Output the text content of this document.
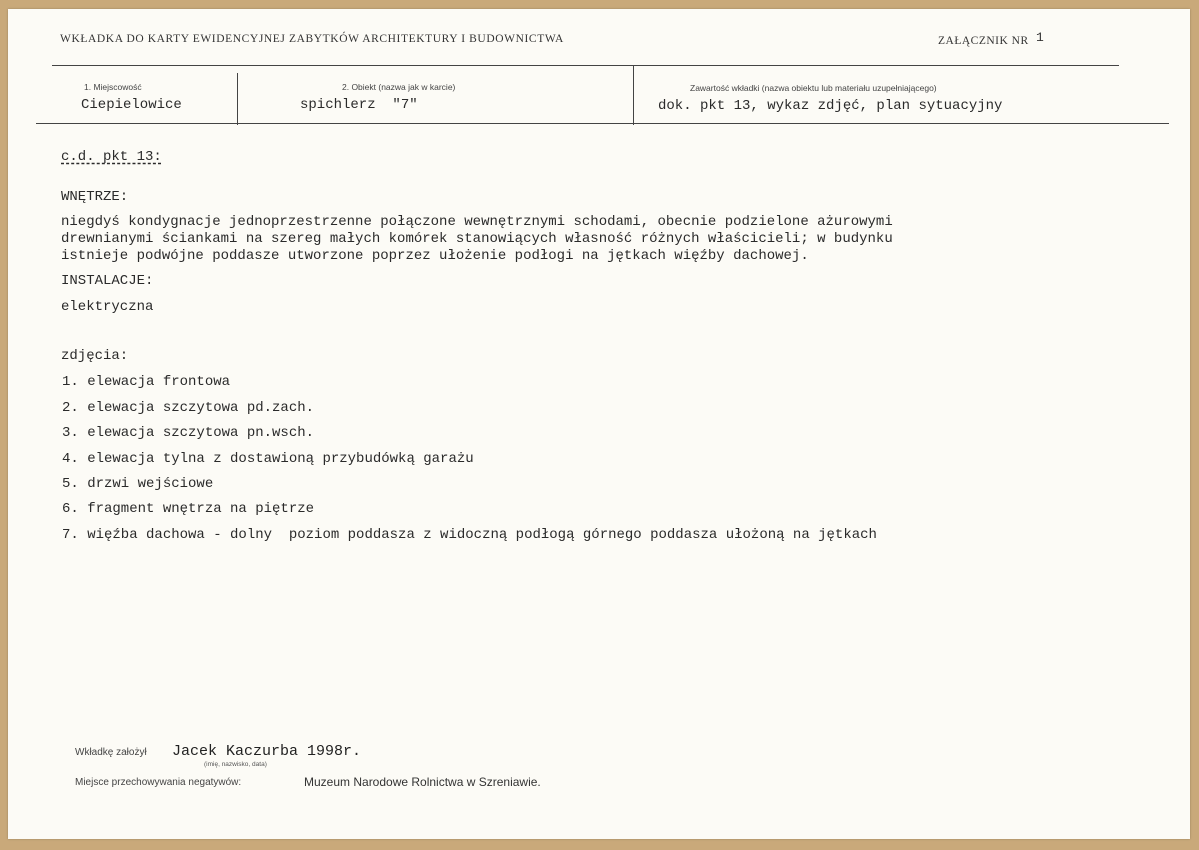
WKŁADKA DO KARTY EWIDENCYJNEJ ZABYTKÓW ARCHITEKTURY I BUDOWNICTWA	ZAŁĄCZNIK NR 1
1. Miejscowość
Ciepielowice
2. Obiekt (nazwa jak w karcie)
spichlerz  "7"
Zawartość wkładki (nazwa obiektu lub materiału uzupełniającego)
dok. pkt 13, wykaz zdjęć, plan sytuacyjny
c.d. pkt 13:
WNĘTRZE:
niegdyś kondygnacje jednoprzestrzenne połączone wewnętrznymi schodami, obecnie podzielone ażurowymi
drewnianymi ściankami na szereg małych komórek stanowiących własność różnych właścicieli; w budynku
istnieje podwójne poddasze utworzone poprzez ułożenie podłogi na jętkach więźby dachowej.
INSTALACJE:
elektryczna
zdjęcia:
1. elewacja frontowa
2. elewacja szczytowa pd.zach.
3. elewacja szczytowa pn.wsch.
4. elewacja tylna z dostawioną przybudówką garażu
5. drzwi wejściowe
6. fragment wnętrza na piętrze
7. więźba dachowa - dolny  poziom poddasza z widoczną podłogą górnego poddasza ułożoną na jętkach
Wkładkę założył Jacek Kaczurba 1998r.
(imię, nazwisko, data)
Miejsce przechowywania negatywów:	Muzeum Narodowe Rolnictwa w Szreniawie.
